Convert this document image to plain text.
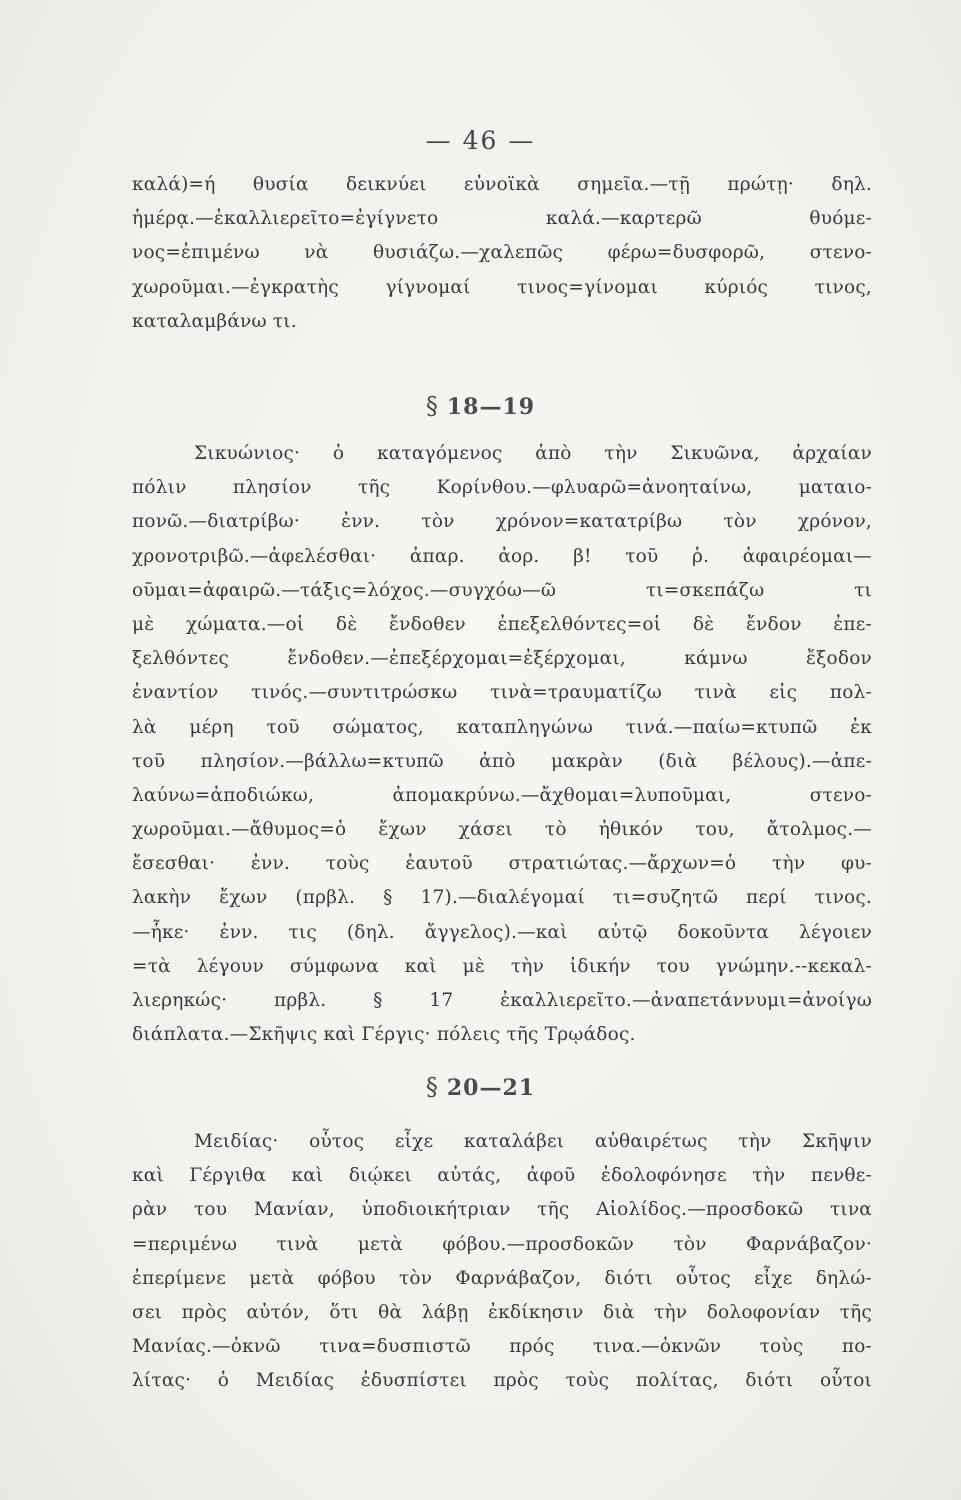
— 46 —
καλά)=ή θυσία δεικνύει εὐνοϊκὰ σημεῖα.—τῇ πρώτῃ· δηλ.
ἡμέρᾳ.—ἐκαλλιερεῖτο=ἐγίγνετο καλά.—καρτερῶ θυόμε-
νος=ἐπιμένω νὰ θυσιάζω.—χαλεπῶς φέρω=δυσφορῶ, στενο-
χωροῦμαι.—ἐγκρατὴς γίγνομαί τινος=γίνομαι κύριός τινος,
καταλαμβάνω τι.
§ 18—19
Σικυώνιος· ὁ καταγόμενος ἀπὸ τὴν Σικυῶνα, ἀρχαίαν
πόλιν πλησίον τῆς Κορίνθου.—φλυαρῶ=ἀνοηταίνω, ματαιο-
πονῶ.—διατρίβω· ἐνν. τὸν χρόνον=κατατρίβω τὸν χρόνον,
χρονοτριβῶ.—ἀφελέσθαι· ἀπαρ. ἀορ. β! τοῦ ῥ. ἀφαιρέομαι—
οῦμαι=ἀφαιρῶ.—τάξις=λόχος.—συγχόω—ῶ τι=σκεπάζω τι
μὲ χώματα.—οἱ δὲ ἔνδοθεν ἐπεξελθόντες=οἱ δὲ ἔνδον ἐπε-
ξελθόντες ἔνδοθεν.—ἐπεξέρχομαι=ἐξέρχομαι, κάμνω ἔξοδον
ἐναντίον τινός.—συντιτρώσκω τινὰ=τραυματίζω τινὰ εἰς πολ-
λὰ μέρη τοῦ σώματος, καταπληγώνω τινά.—παίω=κτυπῶ ἐκ
τοῦ πλησίον.—βάλλω=κτυπῶ ἀπὸ μακρὰν (διὰ βέλους).—ἀπε-
λαύνω=ἀποδιώκω, ἀπομακρύνω.—ἄχθομαι=λυποῦμαι, στενο-
χωροῦμαι.—ἄθυμος=ὁ ἔχων χάσει τὸ ἠθικόν του, ἄτολμος.—
ἔσεσθαι· ἐνν. τοὺς ἑαυτοῦ στρατιώτας.—ἄρχων=ὁ τὴν φυ-
λακὴν ἔχων (πρβλ. § 17).—διαλέγομαί τι=συζητῶ περί τινος.
—ἧκε· ἐνν. τις (δηλ. ἄγγελος).—καὶ αὐτῷ δοκοῦντα λέγοιεν
=τὰ λέγουν σύμφωνα καὶ μὲ τὴν ἰδικήν του γνώμην.--κεκαλ-
λιερηκώς· πρβλ. § 17 ἐκαλλιερεῖτο.—ἀναπετάννυμι=ἀνοίγω
διάπλατα.—Σκῆψις καὶ Γέργις· πόλεις τῆς Τρῳάδος.
§ 20—21
Μειδίας· οὗτος εἶχε καταλάβει αὐθαιρέτως τὴν Σκῆψιν
καὶ Γέργιθα καὶ διῴκει αὐτάς, ἀφοῦ ἐδολοφόνησε τὴν πενθε-
ρὰν του Μανίαν, ὑποδιοικήτριαν τῆς Αἰολίδος.—προσδοκῶ τινα
=περιμένω τινὰ μετὰ φόβου.—προσδοκῶν τὸν Φαρνάβαζον·
ἐπερίμενε μετὰ φόβου τὸν Φαρνάβαζον, διότι οὗτος εἶχε δηλώ-
σει πρὸς αὐτόν, ὅτι θὰ λάβῃ ἐκδίκησιν διὰ τὴν δολοφονίαν τῆς
Μανίας.—ὀκνῶ τινα=δυσπιστῶ πρός τινα.—ὀκνῶν τοὺς πο-
λίτας· ὁ Μειδίας ἐδυσπίστει πρὸς τοὺς πολίτας, διότι οὗτοι
